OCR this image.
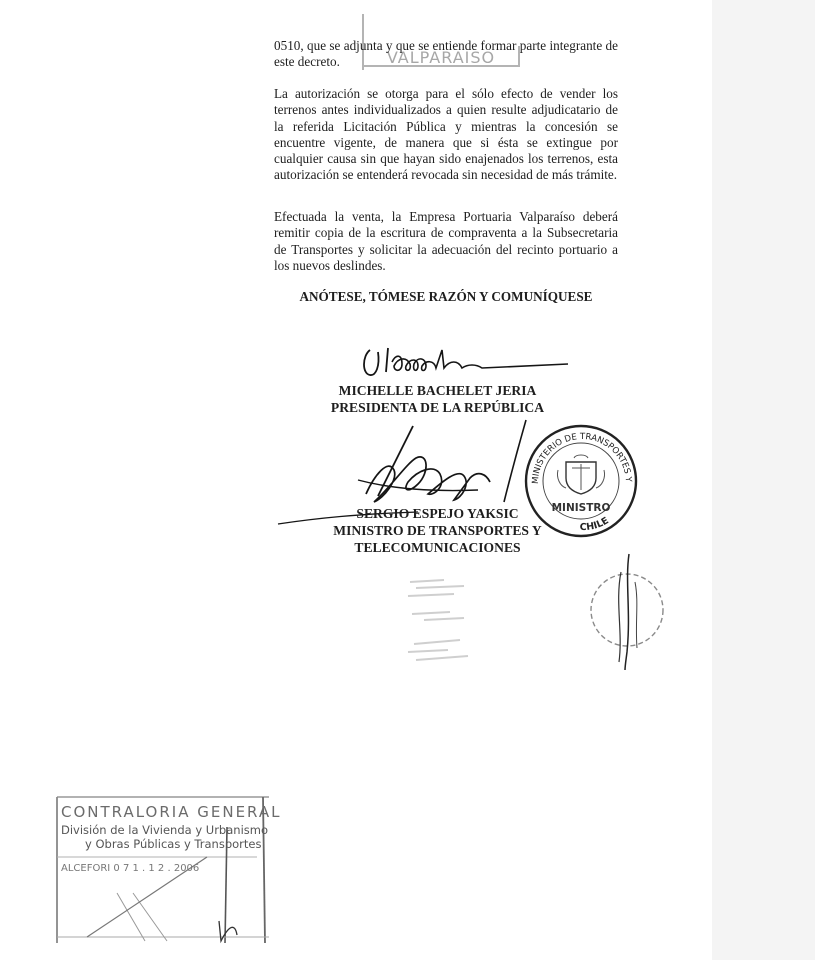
VALPARAISO

0510, que se adjunta y que se entiende formar parte integrante de este decreto.

La autorización se otorga para el sólo efecto de vender los terrenos antes individualizados a quien resulte adjudicatario de la referida Licitación Pública y mientras la concesión se encuentre vigente, de manera que si ésta se extingue por cualquier causa sin que hayan sido enajenados los terrenos, esta autorización se entenderá revocada sin necesidad de más trámite.

Efectuada la venta, la Empresa Portuaria Valparaíso deberá remitir copia de la escritura de compraventa a la Subsecretaria de Transportes y solicitar la adecuación del recinto portuario a los nuevos deslindes.

ANÓTESE, TÓMESE RAZÓN Y COMUNÍQUESE

MICHELLE BACHELET JERIA
PRESIDENTA DE LA REPÚBLICA
MINISTERIO DE TRANSPORTES Y TELECOMUNICACIONES
CHILE
MINISTRO
SERGIO ESPEJO YAKSIC
MINISTRO DE TRANSPORTES Y
TELECOMUNICACIONES
CONTRALORIA GENERAL
División de la Vivienda y Urbanismo
y Obras Públicas y Transportes
ALCEFORI 0 7 1 . 1 2 . 2006
